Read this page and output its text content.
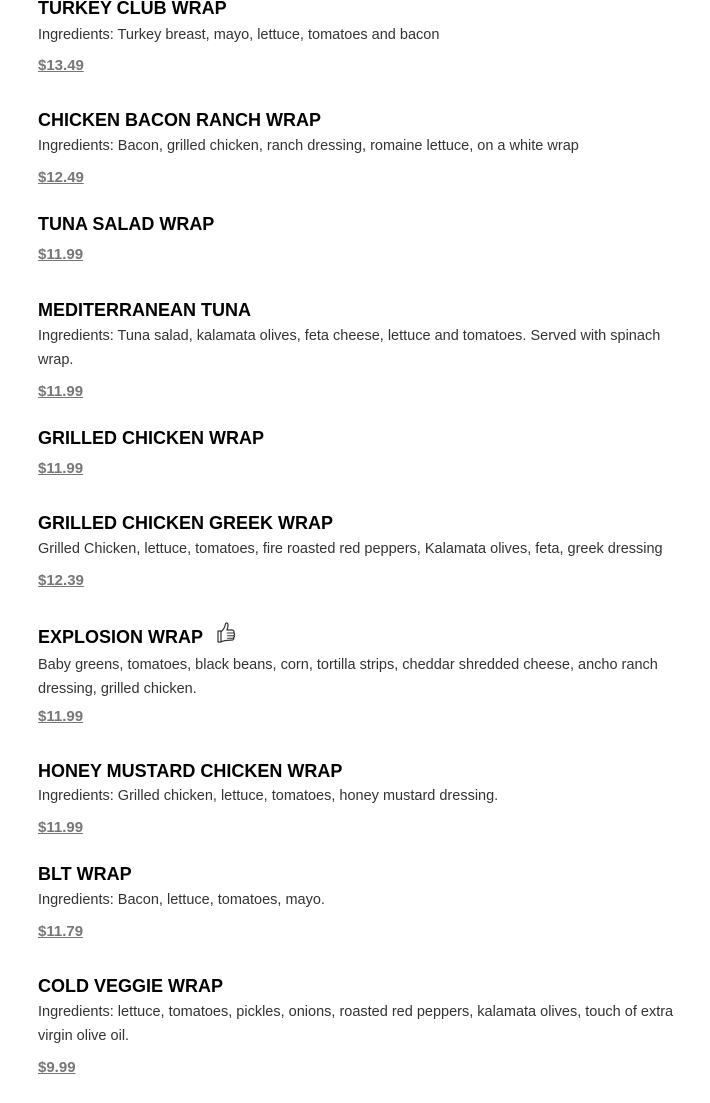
TURKEY CLUB WRAP

Ingredients: Turkey breast, mayo, lettuce, tomatoes and bacon

$13.49
CHICKEN BACON RANCH WRAP

Ingredients: Bacon, grilled chicken, ranch dressing, romaine lettuce, on a white wrap

$12.49
TUNA SALAD WRAP
$11.99
MEDITERRANEAN TUNA

Ingredients: Tuna salad, kalamata olives, feta cheese, lettuce and tomatoes. Served with spinach wrap.

$11.99
GRILLED CHICKEN WRAP
$11.99
GRILLED CHICKEN GREEK WRAP

Grilled Chicken, lettuce, tomatoes, fire roasted red peppers, Kalamata olives, feta, greek dressing

$12.39
EXPLOSION WRAP

Baby greens, tomatoes, black beans, corn, tortilla strips, cheddar shredded cheese, ancho ranch dressing, grilled chicken.

$11.99
HONEY MUSTARD CHICKEN WRAP

Ingredients: Grilled chicken, lettuce, tomatoes, honey mustard dressing.

$11.99
BLT WRAP

Ingredients: Bacon, lettuce, tomatoes, mayo.

$11.79
COLD VEGGIE WRAP

Ingredients: lettuce, tomatoes, pickles, onions, roasted red peppers, kalamata olives, touch of extra virgin olive oil.

$9.99
